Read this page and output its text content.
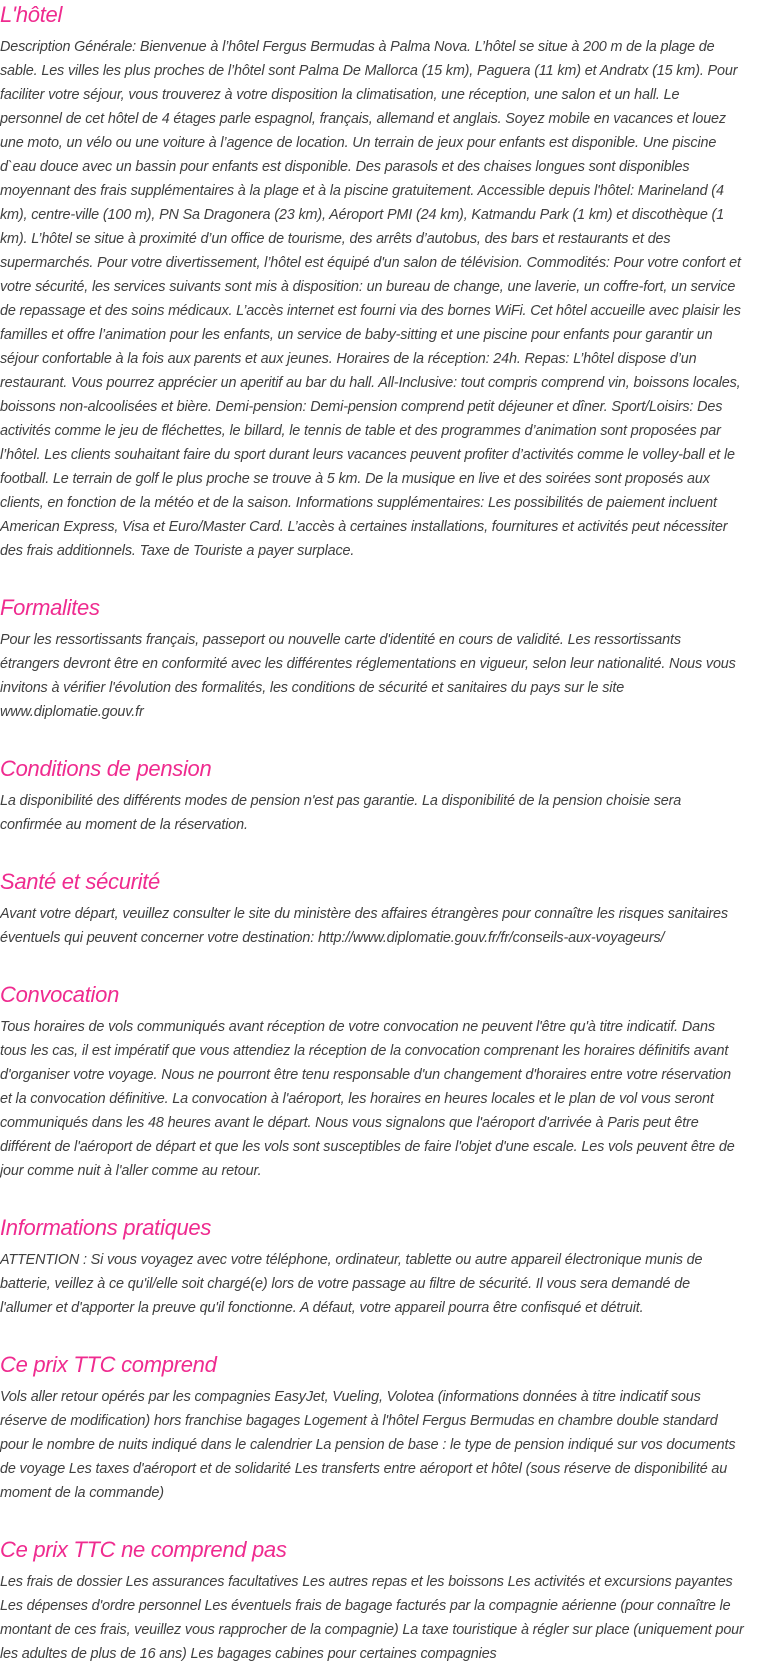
L'hôtel

Description Générale: Bienvenue à l’hôtel Fergus Bermudas à Palma Nova. L’hôtel se situe à 200 m de la plage de sable. Les villes les plus proches de l’hôtel sont Palma De Mallorca (15 km), Paguera (11 km) et Andratx (15 km). Pour faciliter votre séjour, vous trouverez à votre disposition la climatisation, une réception, une salon et un hall. Le personnel de cet hôtel de 4 étages parle espagnol, français, allemand et anglais. Soyez mobile en vacances et louez une moto, un vélo ou une voiture à l’agence de location. Un terrain de jeux pour enfants est disponible. Une piscine d`eau douce avec un bassin pour enfants est disponible. Des parasols et des chaises longues sont disponibles moyennant des frais supplémentaires à la plage et à la piscine gratuitement. Accessible depuis l'hôtel: Marineland (4 km), centre-ville (100 m), PN Sa Dragonera (23 km), Aéroport PMI (24 km), Katmandu Park (1 km) et discothèque (1 km). L’hôtel se situe à proximité d’un office de tourisme, des arrêts d’autobus, des bars et restaurants et des supermarchés. Pour votre divertissement, l’hôtel est équipé d'un salon de télévision. Commodités: Pour votre confort et votre sécurité, les services suivants sont mis à disposition: un bureau de change, une laverie, un coffre-fort, un service de repassage et des soins médicaux. L’accès internet est fourni via des bornes WiFi. Cet hôtel accueille avec plaisir les familles et offre l’animation pour les enfants, un service de baby-sitting et une piscine pour enfants pour garantir un séjour confortable à la fois aux parents et aux jeunes. Horaires de la réception: 24h. Repas: L’hôtel dispose d’un restaurant. Vous pourrez apprécier un aperitif au bar du hall. All-Inclusive: tout compris comprend vin, boissons locales, boissons non-alcoolisées et bière. Demi-pension: Demi-pension comprend petit déjeuner et dîner. Sport/Loisirs: Des activités comme le jeu de fléchettes, le billard, le tennis de table et des programmes d’animation sont proposées par l’hôtel. Les clients souhaitant faire du sport durant leurs vacances peuvent profiter d’activités comme le volley-ball et le football. Le terrain de golf le plus proche se trouve à 5 km. De la musique en live et des soirées sont proposés aux clients, en fonction de la météo et de la saison. Informations supplémentaires: Les possibilités de paiement incluent American Express, Visa et Euro/Master Card. L’accès à certaines installations, fournitures et activités peut nécessiter des frais additionnels. Taxe de Touriste a payer surplace.

Formalites

Pour les ressortissants français, passeport ou nouvelle carte d'identité en cours de validité. Les ressortissants étrangers devront être en conformité avec les différentes réglementations en vigueur, selon leur nationalité. Nous vous invitons à vérifier l'évolution des formalités, les conditions de sécurité et sanitaires du pays sur le site www.diplomatie.gouv.fr

Conditions de pension

La disponibilité des différents modes de pension n'est pas garantie. La disponibilité de la pension choisie sera confirmée au moment de la réservation.

Santé et sécurité

Avant votre départ, veuillez consulter le site du ministère des affaires étrangères pour connaître les risques sanitaires éventuels qui peuvent concerner votre destination: http://www.diplomatie.gouv.fr/fr/conseils-aux-voyageurs/

Convocation

Tous horaires de vols communiqués avant réception de votre convocation ne peuvent l'être qu'à titre indicatif. Dans tous les cas, il est impératif que vous attendiez la réception de la convocation comprenant les horaires définitifs avant d'organiser votre voyage. Nous ne pourront être tenu responsable d'un changement d'horaires entre votre réservation et la convocation définitive. La convocation à l'aéroport, les horaires en heures locales et le plan de vol vous seront communiqués dans les 48 heures avant le départ. Nous vous signalons que l'aéroport d'arrivée à Paris peut être différent de l'aéroport de départ et que les vols sont susceptibles de faire l'objet d'une escale. Les vols peuvent être de jour comme nuit à l'aller comme au retour.

Informations pratiques

ATTENTION : Si vous voyagez avec votre téléphone, ordinateur, tablette ou autre appareil électronique munis de batterie, veillez à ce qu'il/elle soit chargé(e) lors de votre passage au filtre de sécurité. Il vous sera demandé de l'allumer et d'apporter la preuve qu'il fonctionne. A défaut, votre appareil pourra être confisqué et détruit.

Ce prix TTC comprend

Vols aller retour opérés par les compagnies EasyJet, Vueling, Volotea (informations données à titre indicatif sous réserve de modification) hors franchise bagages Logement à l'hôtel Fergus Bermudas en chambre double standard pour le nombre de nuits indiqué dans le calendrier La pension de base : le type de pension indiqué sur vos documents de voyage Les taxes d'aéroport et de solidarité Les transferts entre aéroport et hôtel (sous réserve de disponibilité au moment de la commande)

Ce prix TTC ne comprend pas

Les frais de dossier Les assurances facultatives Les autres repas et les boissons Les activités et excursions payantes Les dépenses d'ordre personnel Les éventuels frais de bagage facturés par la compagnie aérienne (pour connaître le montant de ces frais, veuillez vous rapprocher de la compagnie) La taxe touristique à régler sur place (uniquement pour les adultes de plus de 16 ans) Les bagages cabines pour certaines compagnies
